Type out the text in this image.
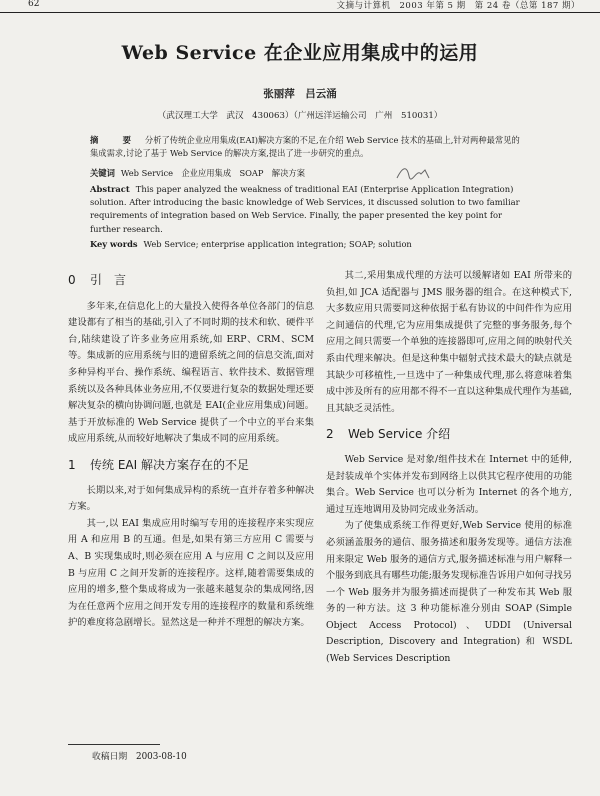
62	文摘与计算机　2003 年第 5 期　第 24 卷（总第 187 期）
Web Service 在企业应用集成中的运用
张丽萍　吕云涌
（武汉理工大学　武汉　430063）（广州远洋运输公司　广州　510031）
摘　要 分析了传统企业应用集成(EAI)解决方案的不足,在介绍 Web Service 技术的基础上,针对两种最常见的集成需求,讨论了基于 Web Service 的解决方案,提出了进一步研究的重点。
关键词 Web Service　企业应用集成　SOAP　解决方案
Abstract This paper analyzed the weakness of traditional EAI (Enterprise Application Integration) solution. After introducing the basic knowledge of Web Services, it discussed solution to two familiar requirements of integration based on Web Service. Finally, the paper presented the key point for further research.
Key words Web Service; enterprise application integration; SOAP; solution
0 引　言

多年来,在信息化上的大量投入使得各单位各部门的信息建设都有了相当的基础,引入了不同时期的技术和软、硬件平台,陆续建设了许多业务应用系统,如 ERP、CRM、SCM 等。集成新的应用系统与旧的遗留系统之间的信息交流,面对多种异构平台、操作系统、编程语言、软件技术、数据管理系统以及各种具体业务应用,不仅要进行复杂的数据处理还要解决复杂的横向协调问题,也就是 EAI(企业应用集成)问题。基于开放标准的 Web Service 提供了一个中立的平台来集成应用系统,从而较好地解决了集成不同的应用系统。

1 传统 EAI 解决方案存在的不足

长期以来,对于如何集成异构的系统一直并存着多种解决方案。

其一,以 EAI 集成应用时编写专用的连接程序来实现应用 A 和应用 B 的互通。但是,如果有第三方应用 C 需要与 A、B 实现集成时,则必须在应用 A 与应用 C 之间以及应用 B 与应用 C 之间开发新的连接程序。这样,随着需要集成的应用的增多,整个集成将成为一张越来越复杂的集成网络,因为在任意两个应用之间开发专用的连接程序的数量和系统维护的难度将急剧增长。显然这是一种并不理想的解决方案。

其二,采用集成代理的方法可以缓解诸如 EAI 所带来的负担,如 JCA 适配器与 JMS 服务器的组合。在这种模式下,大多数应用只需要同这种依据于私有协议的中间件作为应用之间通信的代理,它为应用集成提供了完整的事务服务,每个应用之间只需要一个单独的连接器即可,应用之间的映射代关系由代理来解决。但是这种集中辐射式技术最大的缺点就是其缺少可移植性,一旦选中了一种集成代理,那么将意味着集成中涉及所有的应用都不得不一直以这种集成代理作为基础,且其缺乏灵活性。

2 Web Service 介绍

Web Service 是对象/组件技术在 Internet 中的延伸,是封装成单个实体并发布到网络上以供其它程序使用的功能集合。Web Service 也可以分析为 Internet 的各个地方,通过互连地调用及协同完成业务活动。

为了使集成系统工作得更好,Web Service 使用的标准必须涵盖服务的通信、服务描述和服务发现等。通信方法准用来限定 Web 服务的通信方式,服务描述标准与用户解释一个服务到底具有哪些功能;服务发现标准告诉用户如何寻找另一个 Web 服务并为服务描述而提供了一种发布其 Web 服务的一种方法。这 3 种功能标准分别由 SOAP (Simple Object Access Protocol)、UDDI (Universal Description, Discovery and Integration) 和 WSDL (Web Services Description

收稿日期　2003-08-10
